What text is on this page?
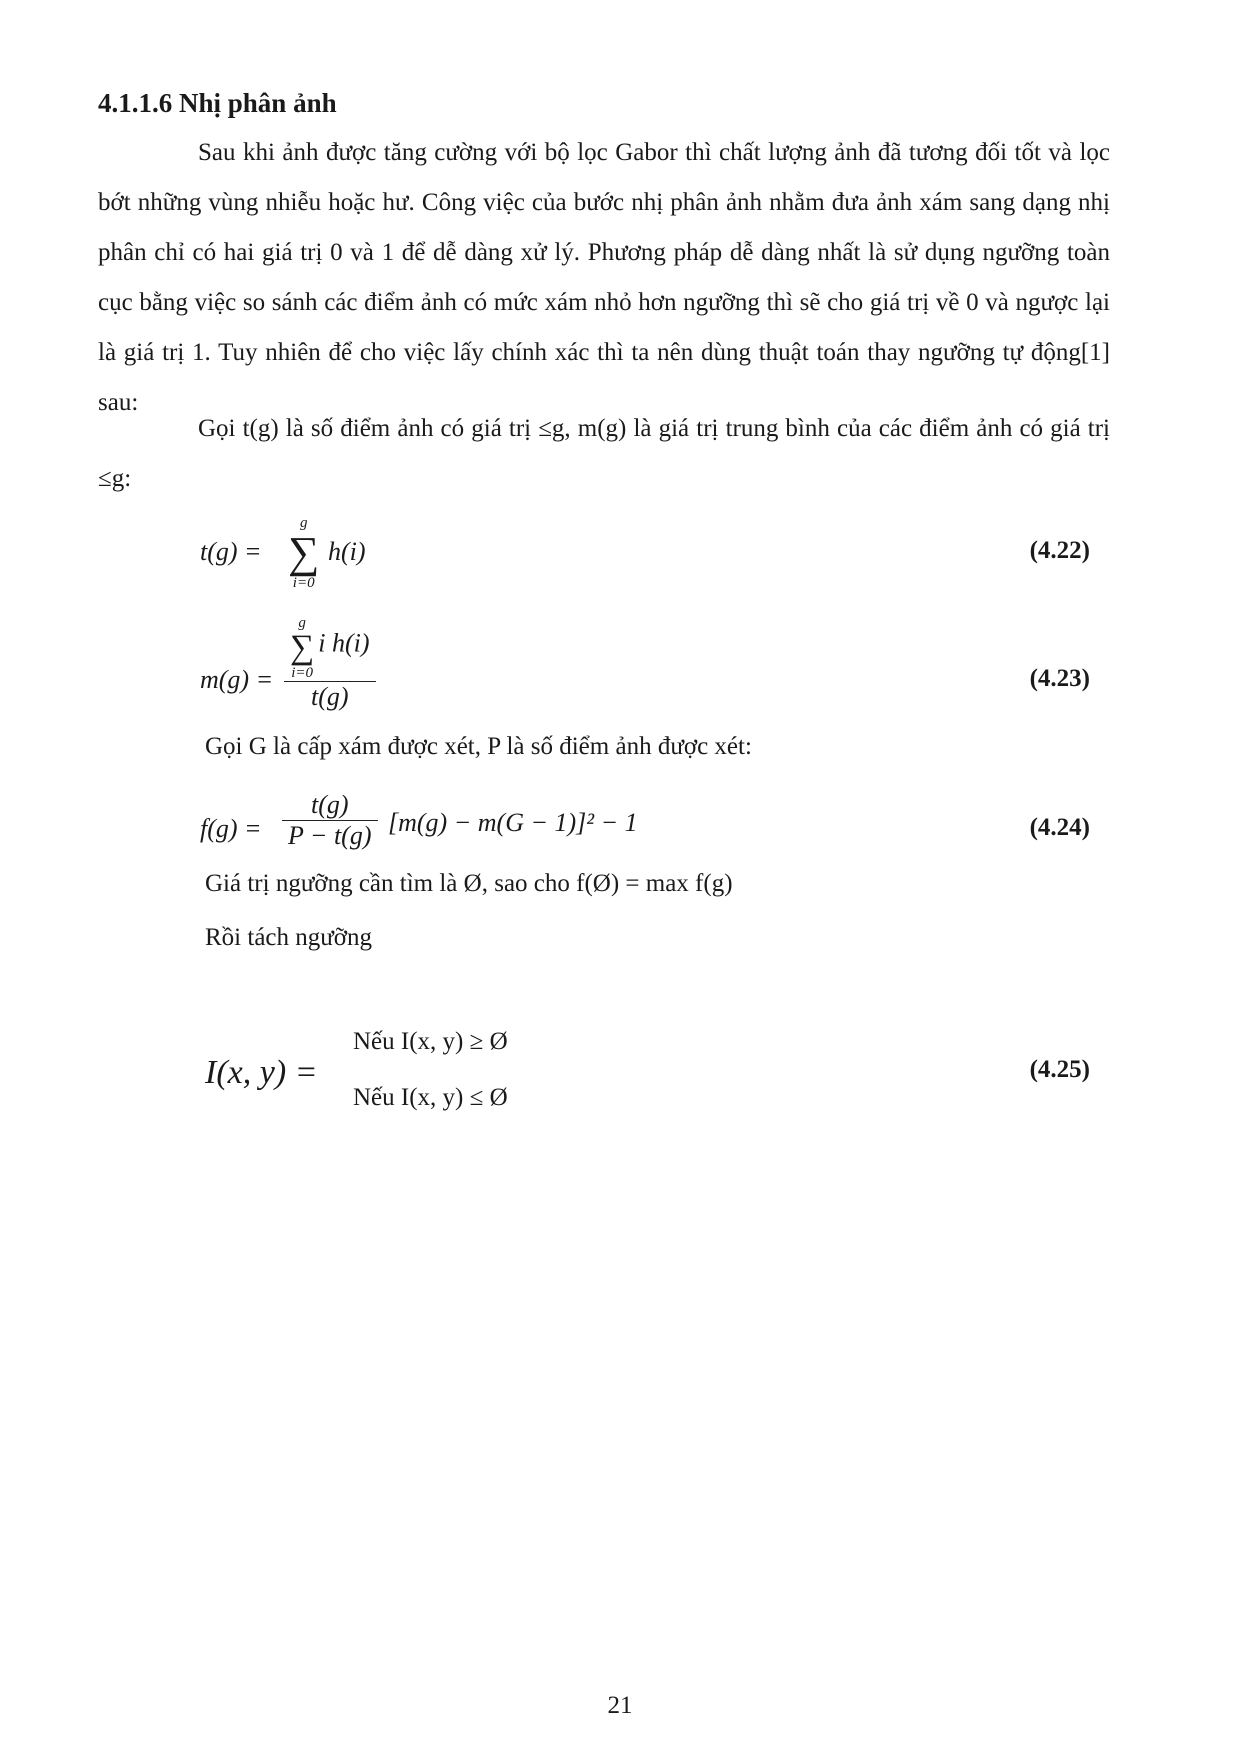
4.1.1.6 Nhị phân ảnh

Sau khi ảnh được tăng cường với bộ lọc Gabor thì chất lượng ảnh đã tương đối tốt và lọc bớt những vùng nhiễu hoặc hư. Công việc của bước nhị phân ảnh nhằm đưa ảnh xám sang dạng nhị phân chỉ có hai giá trị 0 và 1 để dễ dàng xử lý. Phương pháp dễ dàng nhất là sử dụng ngưỡng toàn cục bằng việc so sánh các điểm ảnh có mức xám nhỏ hơn ngưỡng thì sẽ cho giá trị về 0 và ngược lại là giá trị 1. Tuy nhiên để cho việc lấy chính xác thì ta nên dùng thuật toán thay ngưỡng tự động[1] sau:

Gọi t(g) là số điểm ảnh có giá trị ≤g, m(g) là giá trị trung bình của các điểm ảnh có giá trị ≤g:

t(g) =
g
∑
i=0
h(i)	(4.22)
m(g) =
g
∑
i=0
i h(i)
t(g)
(4.23)

Gọi G là cấp xám được xét, P là số điểm ảnh được xét:

$f(g) = \frac{t(g)}{P - t(g)} [m(g) - m(G - 1)]^2 - 1$	(4.24)

Giá trị ngưỡng cần tìm là Ø, sao cho f(Ø) = max f(g)

Rồi tách ngưỡng

I(x, y) =
Nếu I(x, y) ≥ Ø
Nếu I(x, y) ≤ Ø
(4.25)
21
